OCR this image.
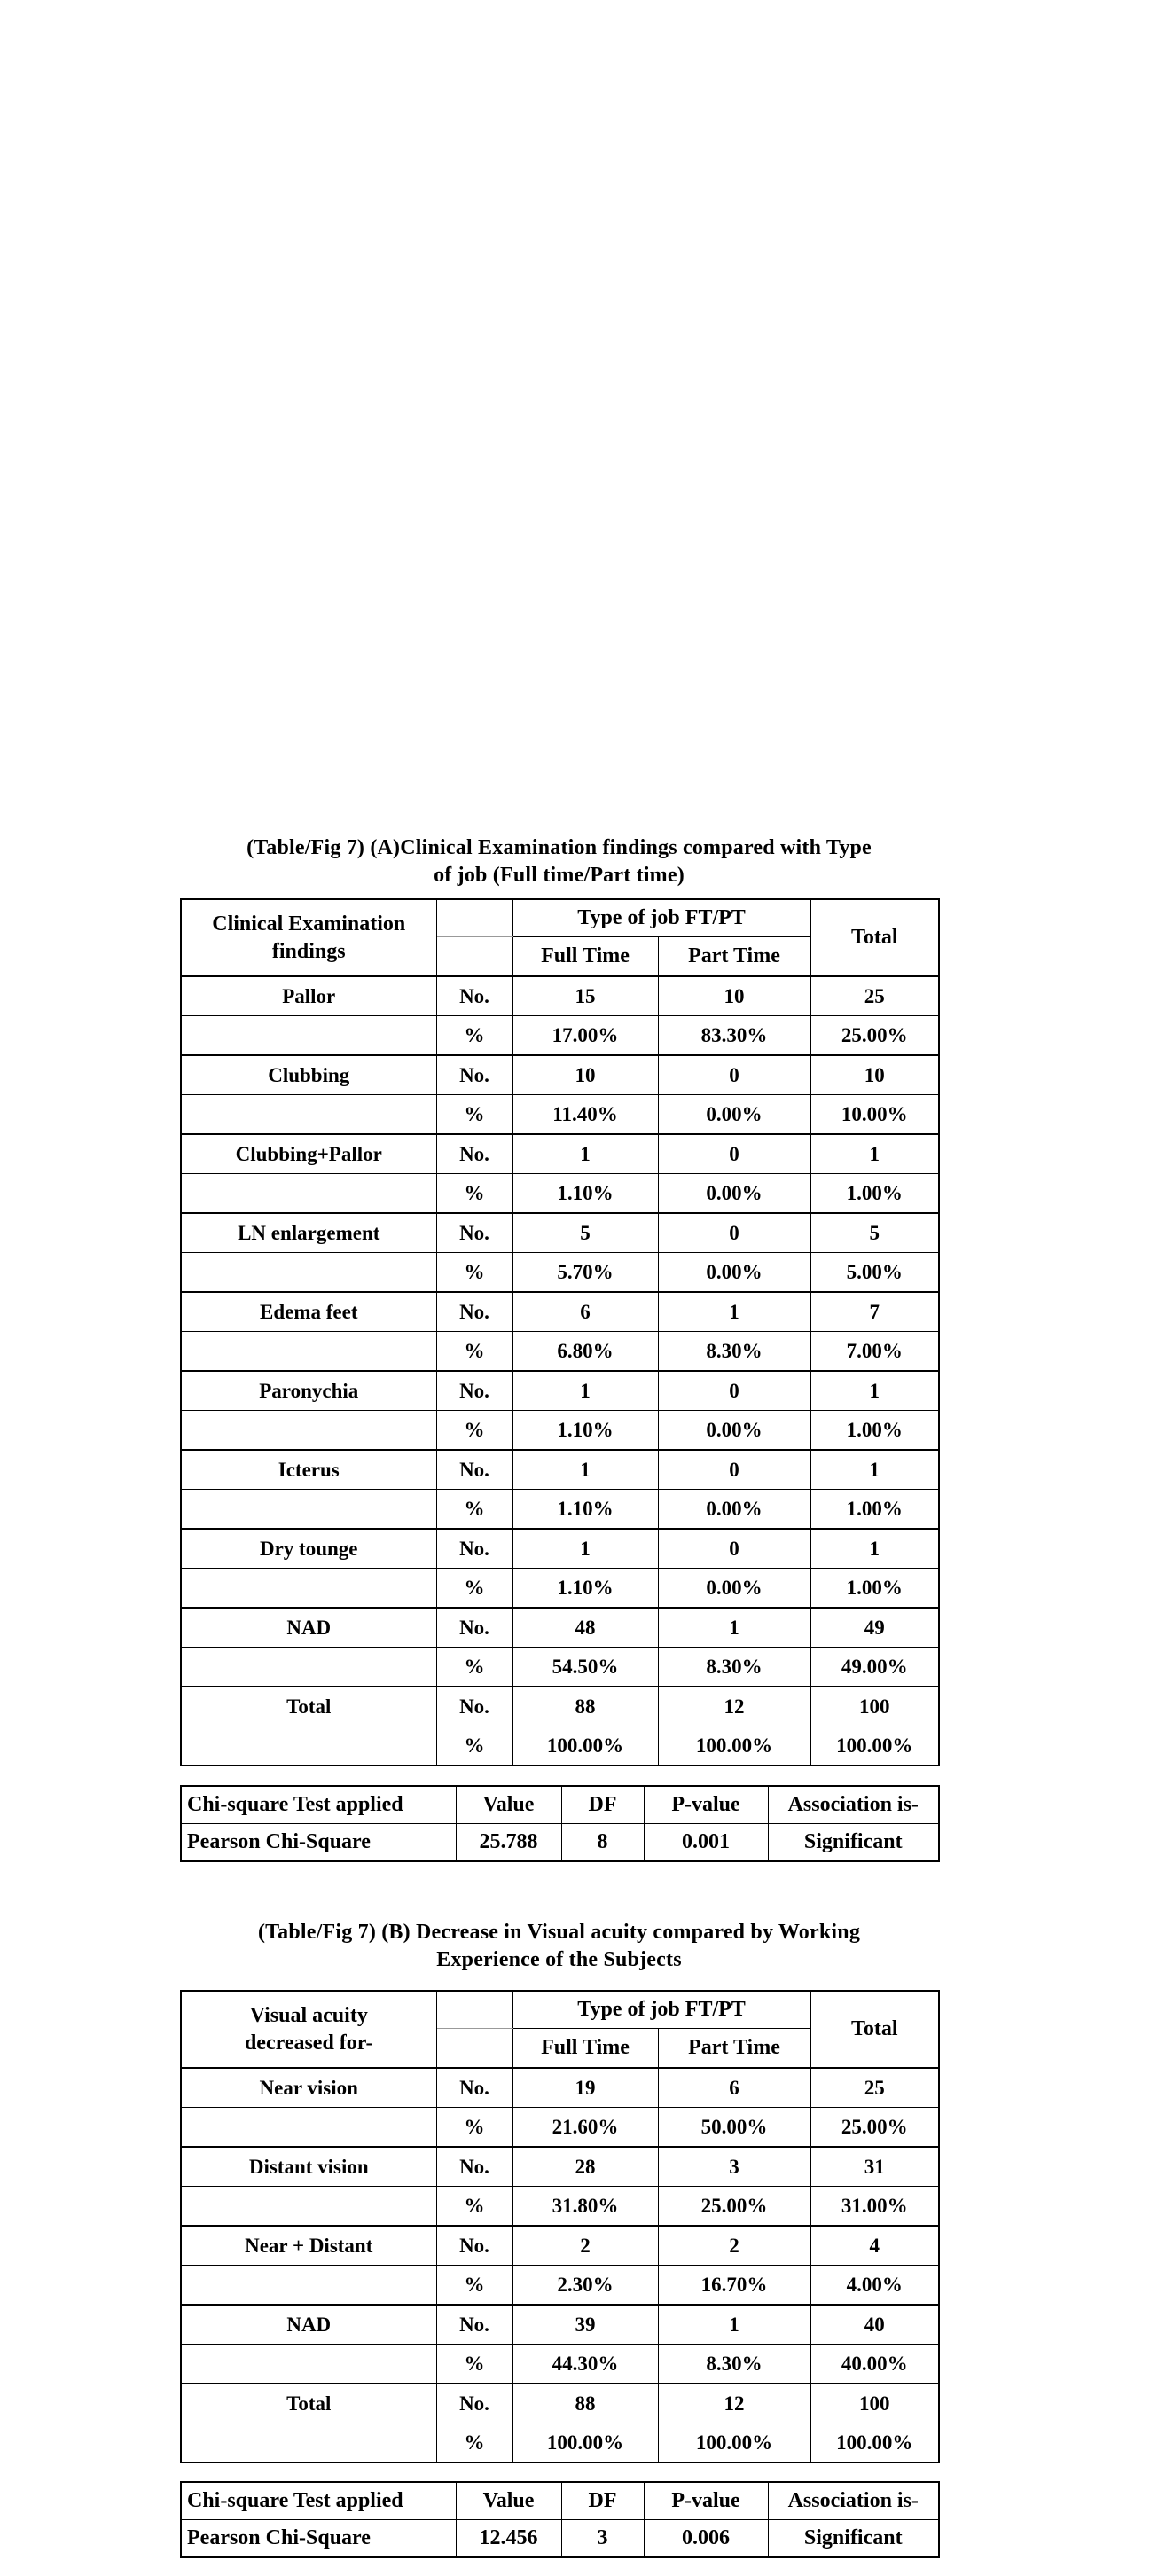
(Table/Fig 7) (A)Clinical Examination findings compared with Type
of job (Full time/Part time)
Clinical Examination
findings		Type of job FT/PT		Total
		Full Time	Part Time	
Pallor	No.	15	10	25
	%	17.00%	83.30%	25.00%
Clubbing	No.	10	0	10
	%	11.40%	0.00%	10.00%
Clubbing+Pallor	No.	1	0	1
	%	1.10%	0.00%	1.00%
LN enlargement	No.	5	0	5
	%	5.70%	0.00%	5.00%
Edema feet	No.	6	1	7
	%	6.80%	8.30%	7.00%
Paronychia	No.	1	0	1
	%	1.10%	0.00%	1.00%
Icterus	No.	1	0	1
	%	1.10%	0.00%	1.00%
Dry tounge	No.	1	0	1
	%	1.10%	0.00%	1.00%
NAD	No.	48	1	49
	%	54.50%	8.30%	49.00%
Total	No.	88	12	100
	%	100.00%	100.00%	100.00%
Chi-square Test applied	Value	DF	P-value	Association is-
Pearson Chi-Square	25.788	8	0.001	Significant
(Table/Fig 7) (B) Decrease in Visual acuity compared by Working
Experience of the Subjects
Visual acuity
decreased for-		Type of job FT/PT		Total
		Full Time	Part Time	
Near vision	No.	19	6	25
	%	21.60%	50.00%	25.00%
Distant vision	No.	28	3	31
	%	31.80%	25.00%	31.00%
Near + Distant	No.	2	2	4
	%	2.30%	16.70%	4.00%
NAD	No.	39	1	40
	%	44.30%	8.30%	40.00%
Total	No.	88	12	100
	%	100.00%	100.00%	100.00%
Chi-square Test applied	Value	DF	P-value	Association is-
Pearson Chi-Square	12.456	3	0.006	Significant
